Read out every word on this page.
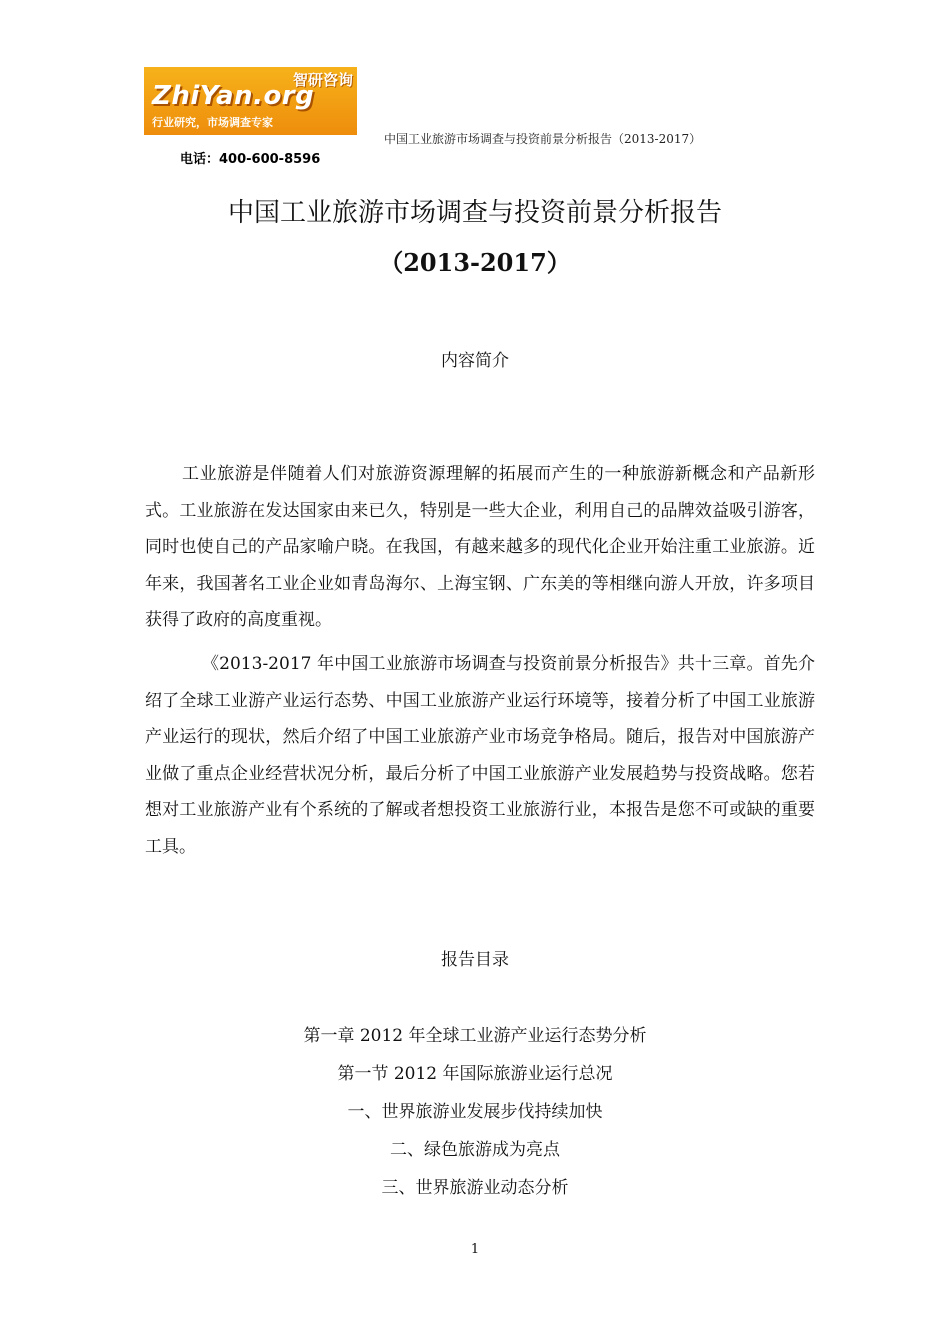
智研咨询
ZhiYan.org
行业研究，市场调查专家
电话：400-600-8596
中国工业旅游市场调查与投资前景分析报告（2013-2017）
中国工业旅游市场调查与投资前景分析报告
（2013-2017）
内容简介

工业旅游是伴随着人们对旅游资源理解的拓展而产生的一种旅游新概念和产品新形式。工业旅游在发达国家由来已久，特别是一些大企业，利用自己的品牌效益吸引游客，同时也使自己的产品家喻户晓。在我国，有越来越多的现代化企业开始注重工业旅游。近年来，我国著名工业企业如青岛海尔、上海宝钢、广东美的等相继向游人开放，许多项目获得了政府的高度重视。

《2013-2017 年中国工业旅游市场调查与投资前景分析报告》共十三章。首先介绍了全球工业游产业运行态势、中国工业旅游产业运行环境等，接着分析了中国工业旅游产业运行的现状，然后介绍了中国工业旅游产业市场竞争格局。随后，报告对中国旅游产业做了重点企业经营状况分析，最后分析了中国工业旅游产业发展趋势与投资战略。您若想对工业旅游产业有个系统的了解或者想投资工业旅游行业，本报告是您不可或缺的重要工具。

报告目录

第一章 2012 年全球工业游产业运行态势分析

第一节 2012 年国际旅游业运行总况

一、世界旅游业发展步伐持续加快

二、绿色旅游成为亮点

三、世界旅游业动态分析

1
